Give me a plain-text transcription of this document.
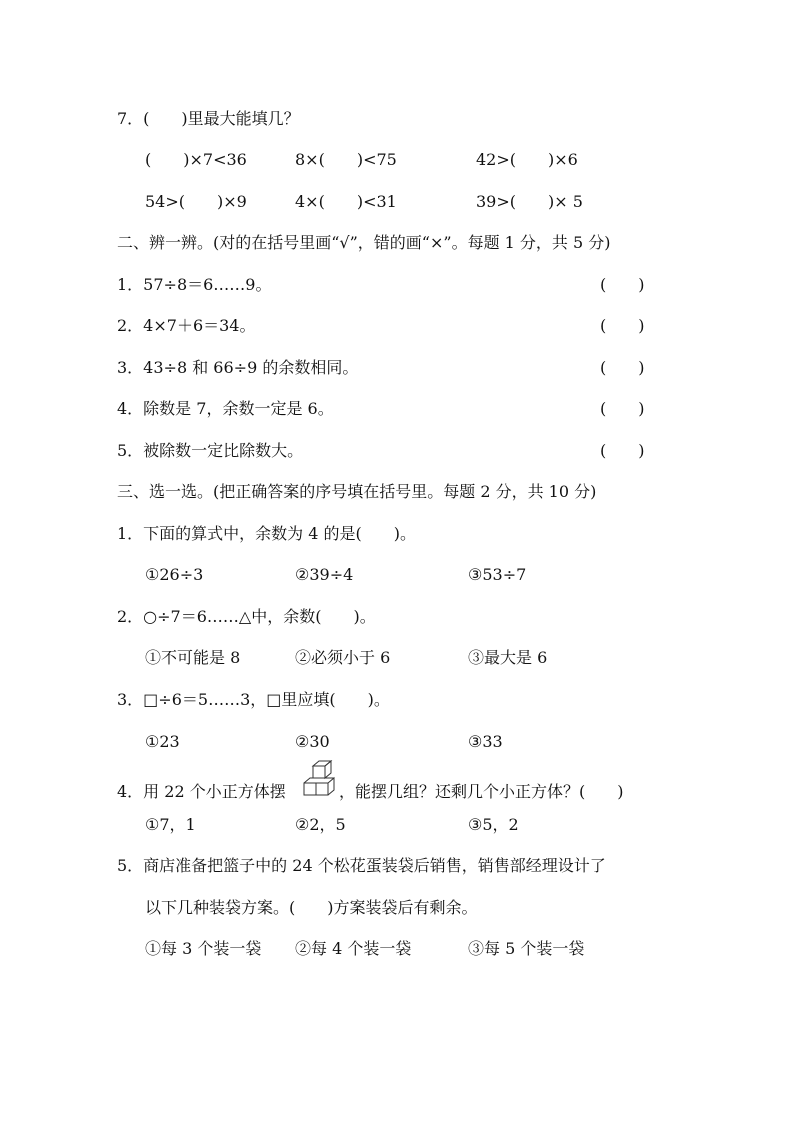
7．(　　)里最大能填几？
(　　)×7<36	8×(　　)<75	42>(　　)×6
54>(　　)×9	4×(　　)<31	39>(　　)× 5
二、辨一辨。(对的在括号里画“√”，错的画“×”。每题 1 分，共 5 分)
1．57÷8＝6……9。	(　　)
2．4×7＋6＝34。	(　　)
3．43÷8 和 66÷9 的余数相同。	(　　)
4．除数是 7，余数一定是 6。	(　　)
5．被除数一定比除数大。	(　　)
三、选一选。(把正确答案的序号填在括号里。每题 2 分，共 10 分)
1．下面的算式中，余数为 4 的是(　　)。
①26÷3	②39÷4	③53÷7
2．○÷7＝6……△中，余数(　　)。
①不可能是 8	②必须小于 6	③最大是 6
3．□÷6＝5……3，□里应填(　　)。
①23	②30	③33
4．用 22 个小正方体摆	，能摆几组？还剩几个小正方体？(　　)
①7，1	②2，5	③5，2
5．商店准备把篮子中的 24 个松花蛋装袋后销售，销售部经理设计了
以下几种装袋方案。(　　)方案装袋后有剩余。
①每 3 个装一袋 ②每 4 个装一袋	③每 5 个装一袋
